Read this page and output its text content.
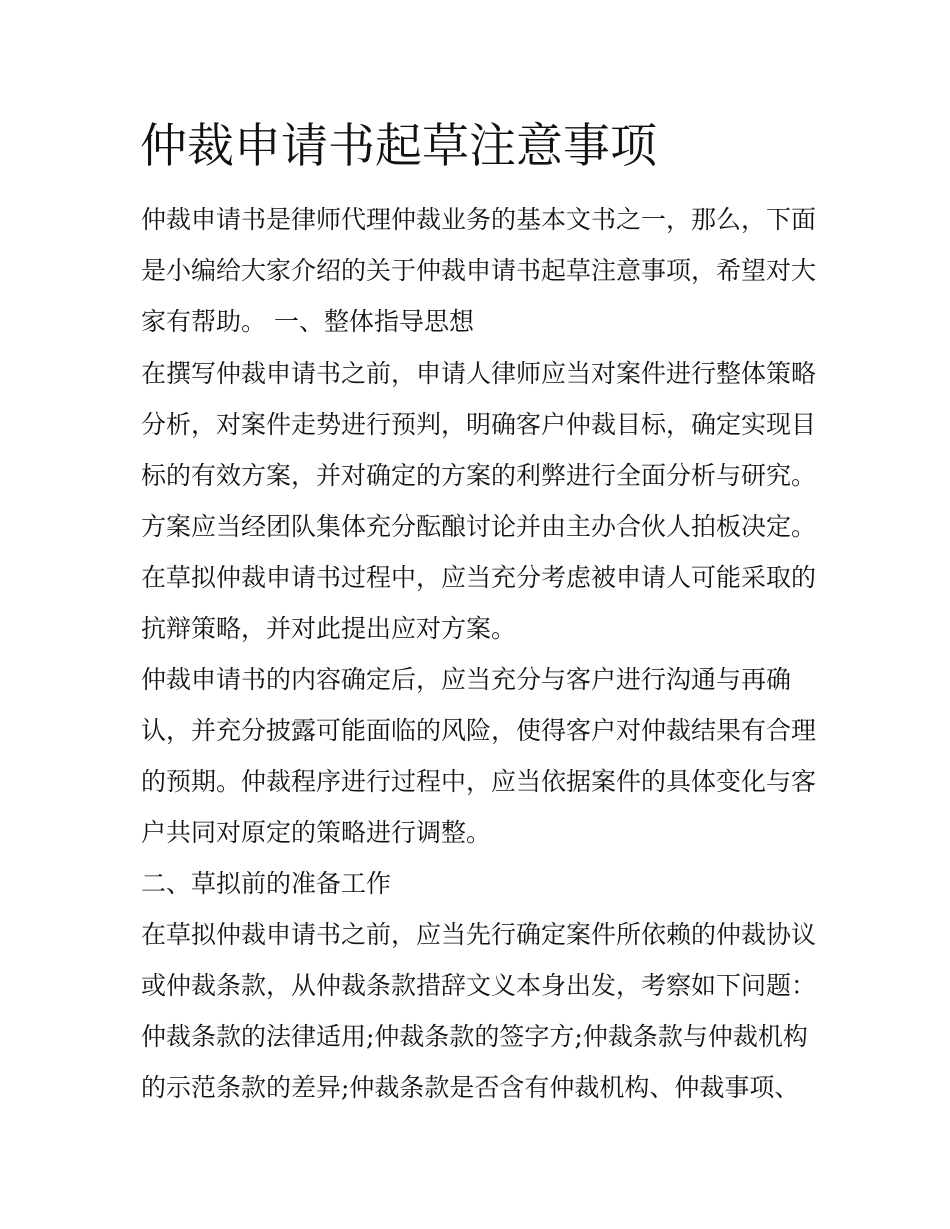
仲裁申请书起草注意事项

仲裁申请书是律师代理仲裁业务的基本文书之一，那么，下面

是小编给大家介绍的关于仲裁申请书起草注意事项，希望对大

家有帮助。 一、整体指导思想

在撰写仲裁申请书之前，申请人律师应当对案件进行整体策略

分析，对案件走势进行预判，明确客户仲裁目标，确定实现目

标的有效方案，并对确定的方案的利弊进行全面分析与研究。

方案应当经团队集体充分酝酿讨论并由主办合伙人拍板决定。

在草拟仲裁申请书过程中，应当充分考虑被申请人可能采取的

抗辩策略，并对此提出应对方案。

仲裁申请书的内容确定后，应当充分与客户进行沟通与再确

认，并充分披露可能面临的风险，使得客户对仲裁结果有合理

的预期。仲裁程序进行过程中，应当依据案件的具体变化与客

户共同对原定的策略进行调整。

二、草拟前的准备工作

在草拟仲裁申请书之前，应当先行确定案件所依赖的仲裁协议

或仲裁条款，从仲裁条款措辞文义本身出发，考察如下问题：

仲裁条款的法律适用;仲裁条款的签字方;仲裁条款与仲裁机构

的示范条款的差异;仲裁条款是否含有仲裁机构、仲裁事项、
